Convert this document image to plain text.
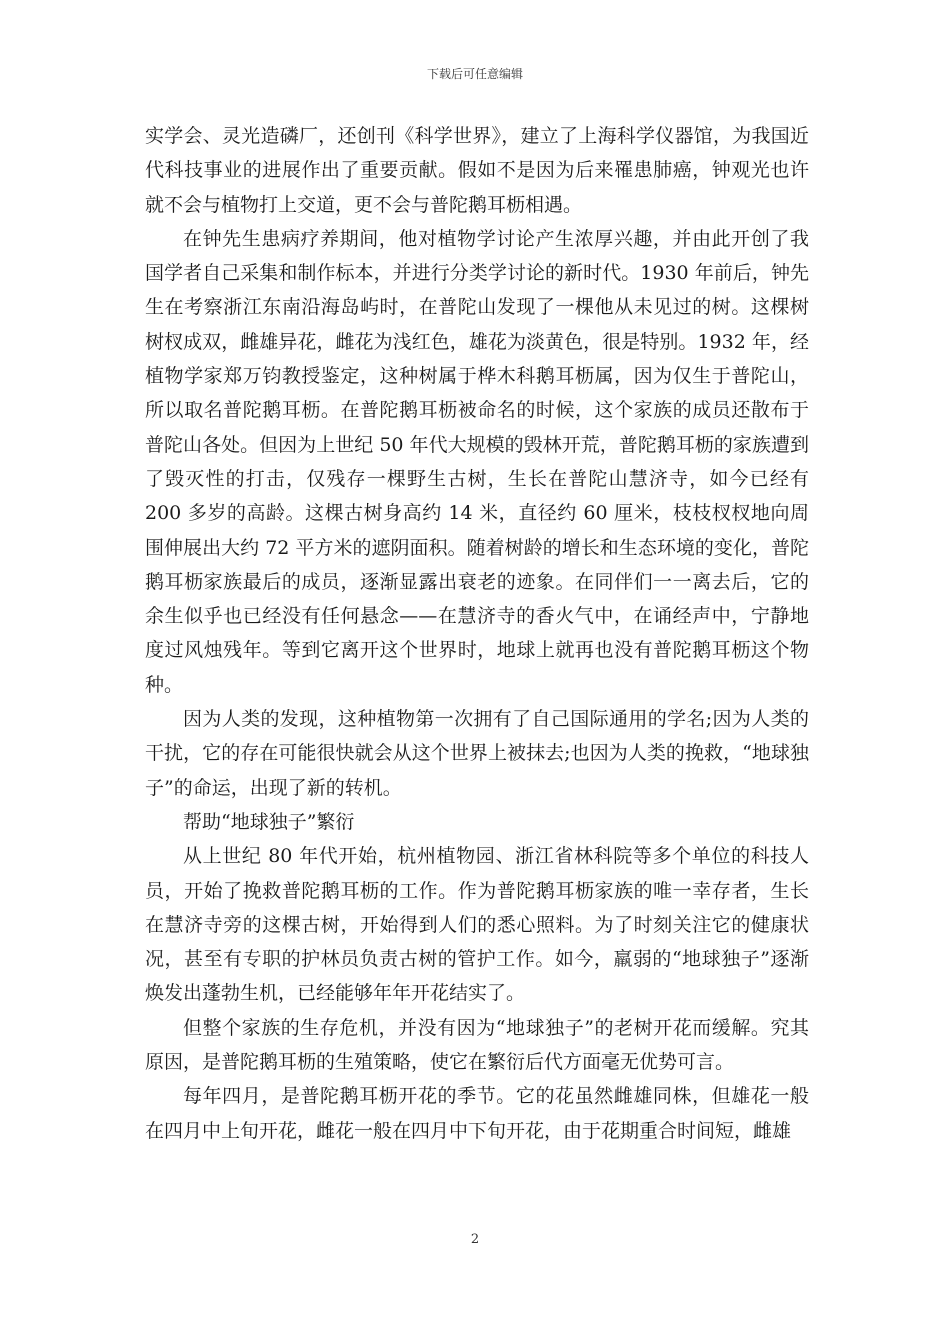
下载后可任意编辑

实学会、灵光造磷厂，还创刊《科学世界》，建立了上海科学仪器馆，为我国近代科技事业的进展作出了重要贡献。假如不是因为后来罹患肺癌，钟观光也许就不会与植物打上交道，更不会与普陀鹅耳枥相遇。

在钟先生患病疗养期间，他对植物学讨论产生浓厚兴趣，并由此开创了我国学者自己采集和制作标本，并进行分类学讨论的新时代。1930 年前后，钟先生在考察浙江东南沿海岛屿时，在普陀山发现了一棵他从未见过的树。这棵树树杈成双，雌雄异花，雌花为浅红色，雄花为淡黄色，很是特别。1932 年，经植物学家郑万钧教授鉴定，这种树属于桦木科鹅耳枥属，因为仅生于普陀山，所以取名普陀鹅耳枥。在普陀鹅耳枥被命名的时候，这个家族的成员还散布于普陀山各处。但因为上世纪 50 年代大规模的毁林开荒，普陀鹅耳枥的家族遭到了毁灭性的打击，仅残存一棵野生古树，生长在普陀山慧济寺，如今已经有 200 多岁的高龄。这棵古树身高约 14 米，直径约 60 厘米，枝枝杈杈地向周围伸展出大约 72 平方米的遮阴面积。随着树龄的增长和生态环境的变化，普陀鹅耳枥家族最后的成员，逐渐显露出衰老的迹象。在同伴们一一离去后，它的余生似乎也已经没有任何悬念——在慧济寺的香火气中，在诵经声中，宁静地度过风烛残年。等到它离开这个世界时，地球上就再也没有普陀鹅耳枥这个物种。

因为人类的发现，这种植物第一次拥有了自己国际通用的学名;因为人类的干扰，它的存在可能很快就会从这个世界上被抹去;也因为人类的挽救，“地球独子”的命运，出现了新的转机。

帮助“地球独子”繁衍

从上世纪 80 年代开始，杭州植物园、浙江省林科院等多个单位的科技人员，开始了挽救普陀鹅耳枥的工作。作为普陀鹅耳枥家族的唯一幸存者，生长在慧济寺旁的这棵古树，开始得到人们的悉心照料。为了时刻关注它的健康状况，甚至有专职的护林员负责古树的管护工作。如今，羸弱的“地球独子”逐渐焕发出蓬勃生机，已经能够年年开花结实了。

但整个家族的生存危机，并没有因为“地球独子”的老树开花而缓解。究其原因，是普陀鹅耳枥的生殖策略，使它在繁衍后代方面毫无优势可言。

每年四月，是普陀鹅耳枥开花的季节。它的花虽然雌雄同株，但雄花一般在四月中上旬开花，雌花一般在四月中下旬开花，由于花期重合时间短，雌雄

2
